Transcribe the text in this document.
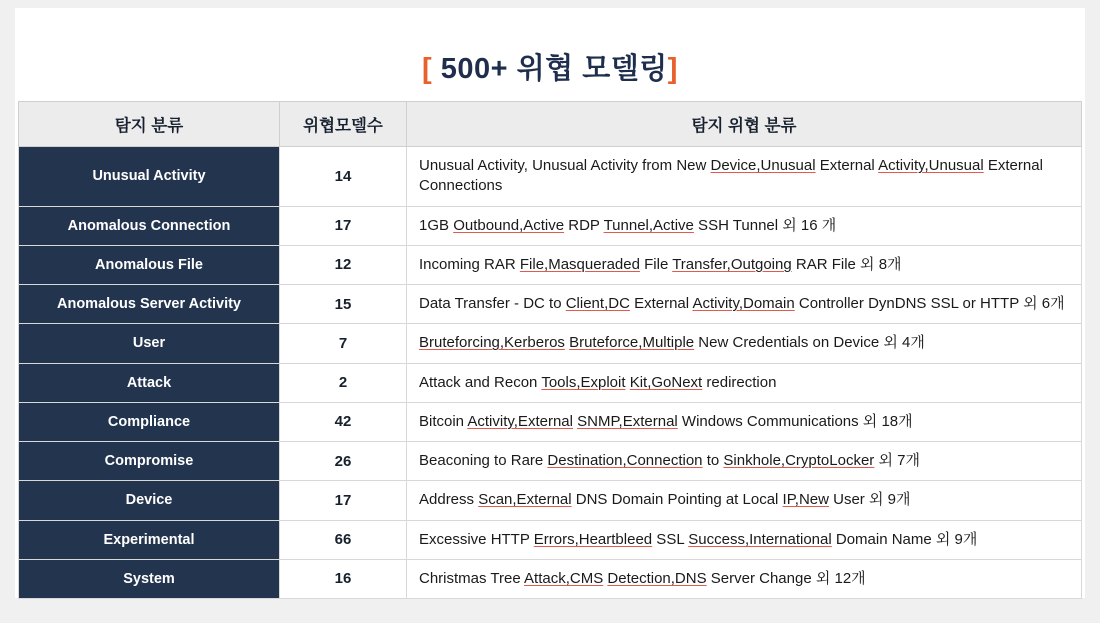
[ 500+ 위협 모델링]
탐지 분류	위협모델수	탐지 위협 분류
Unusual Activity	14	Unusual Activity, Unusual Activity from New Device,Unusual External Activity,Unusual External Connections
Anomalous Connection	17	1GB Outbound,Active RDP Tunnel,Active SSH Tunnel 외 16 개
Anomalous File	12	Incoming RAR File,Masqueraded File Transfer,Outgoing RAR File 외 8개
Anomalous Server Activity	15	Data Transfer - DC to Client,DC External Activity,Domain Controller DynDNS SSL or HTTP 외 6개
User	7	Bruteforcing,Kerberos Bruteforce,Multiple New Credentials on Device 외 4개
Attack	2	Attack and Recon Tools,Exploit Kit,GoNext redirection
Compliance	42	Bitcoin Activity,External SNMP,External Windows Communications 외 18개
Compromise	26	Beaconing to Rare Destination,Connection to Sinkhole,CryptoLocker 외 7개
Device	17	Address Scan,External DNS Domain Pointing at Local IP,New User 외 9개
Experimental	66	Excessive HTTP Errors,Heartbleed SSL Success,International Domain Name 외 9개
System	16	Christmas Tree Attack,CMS Detection,DNS Server Change 외 12개
